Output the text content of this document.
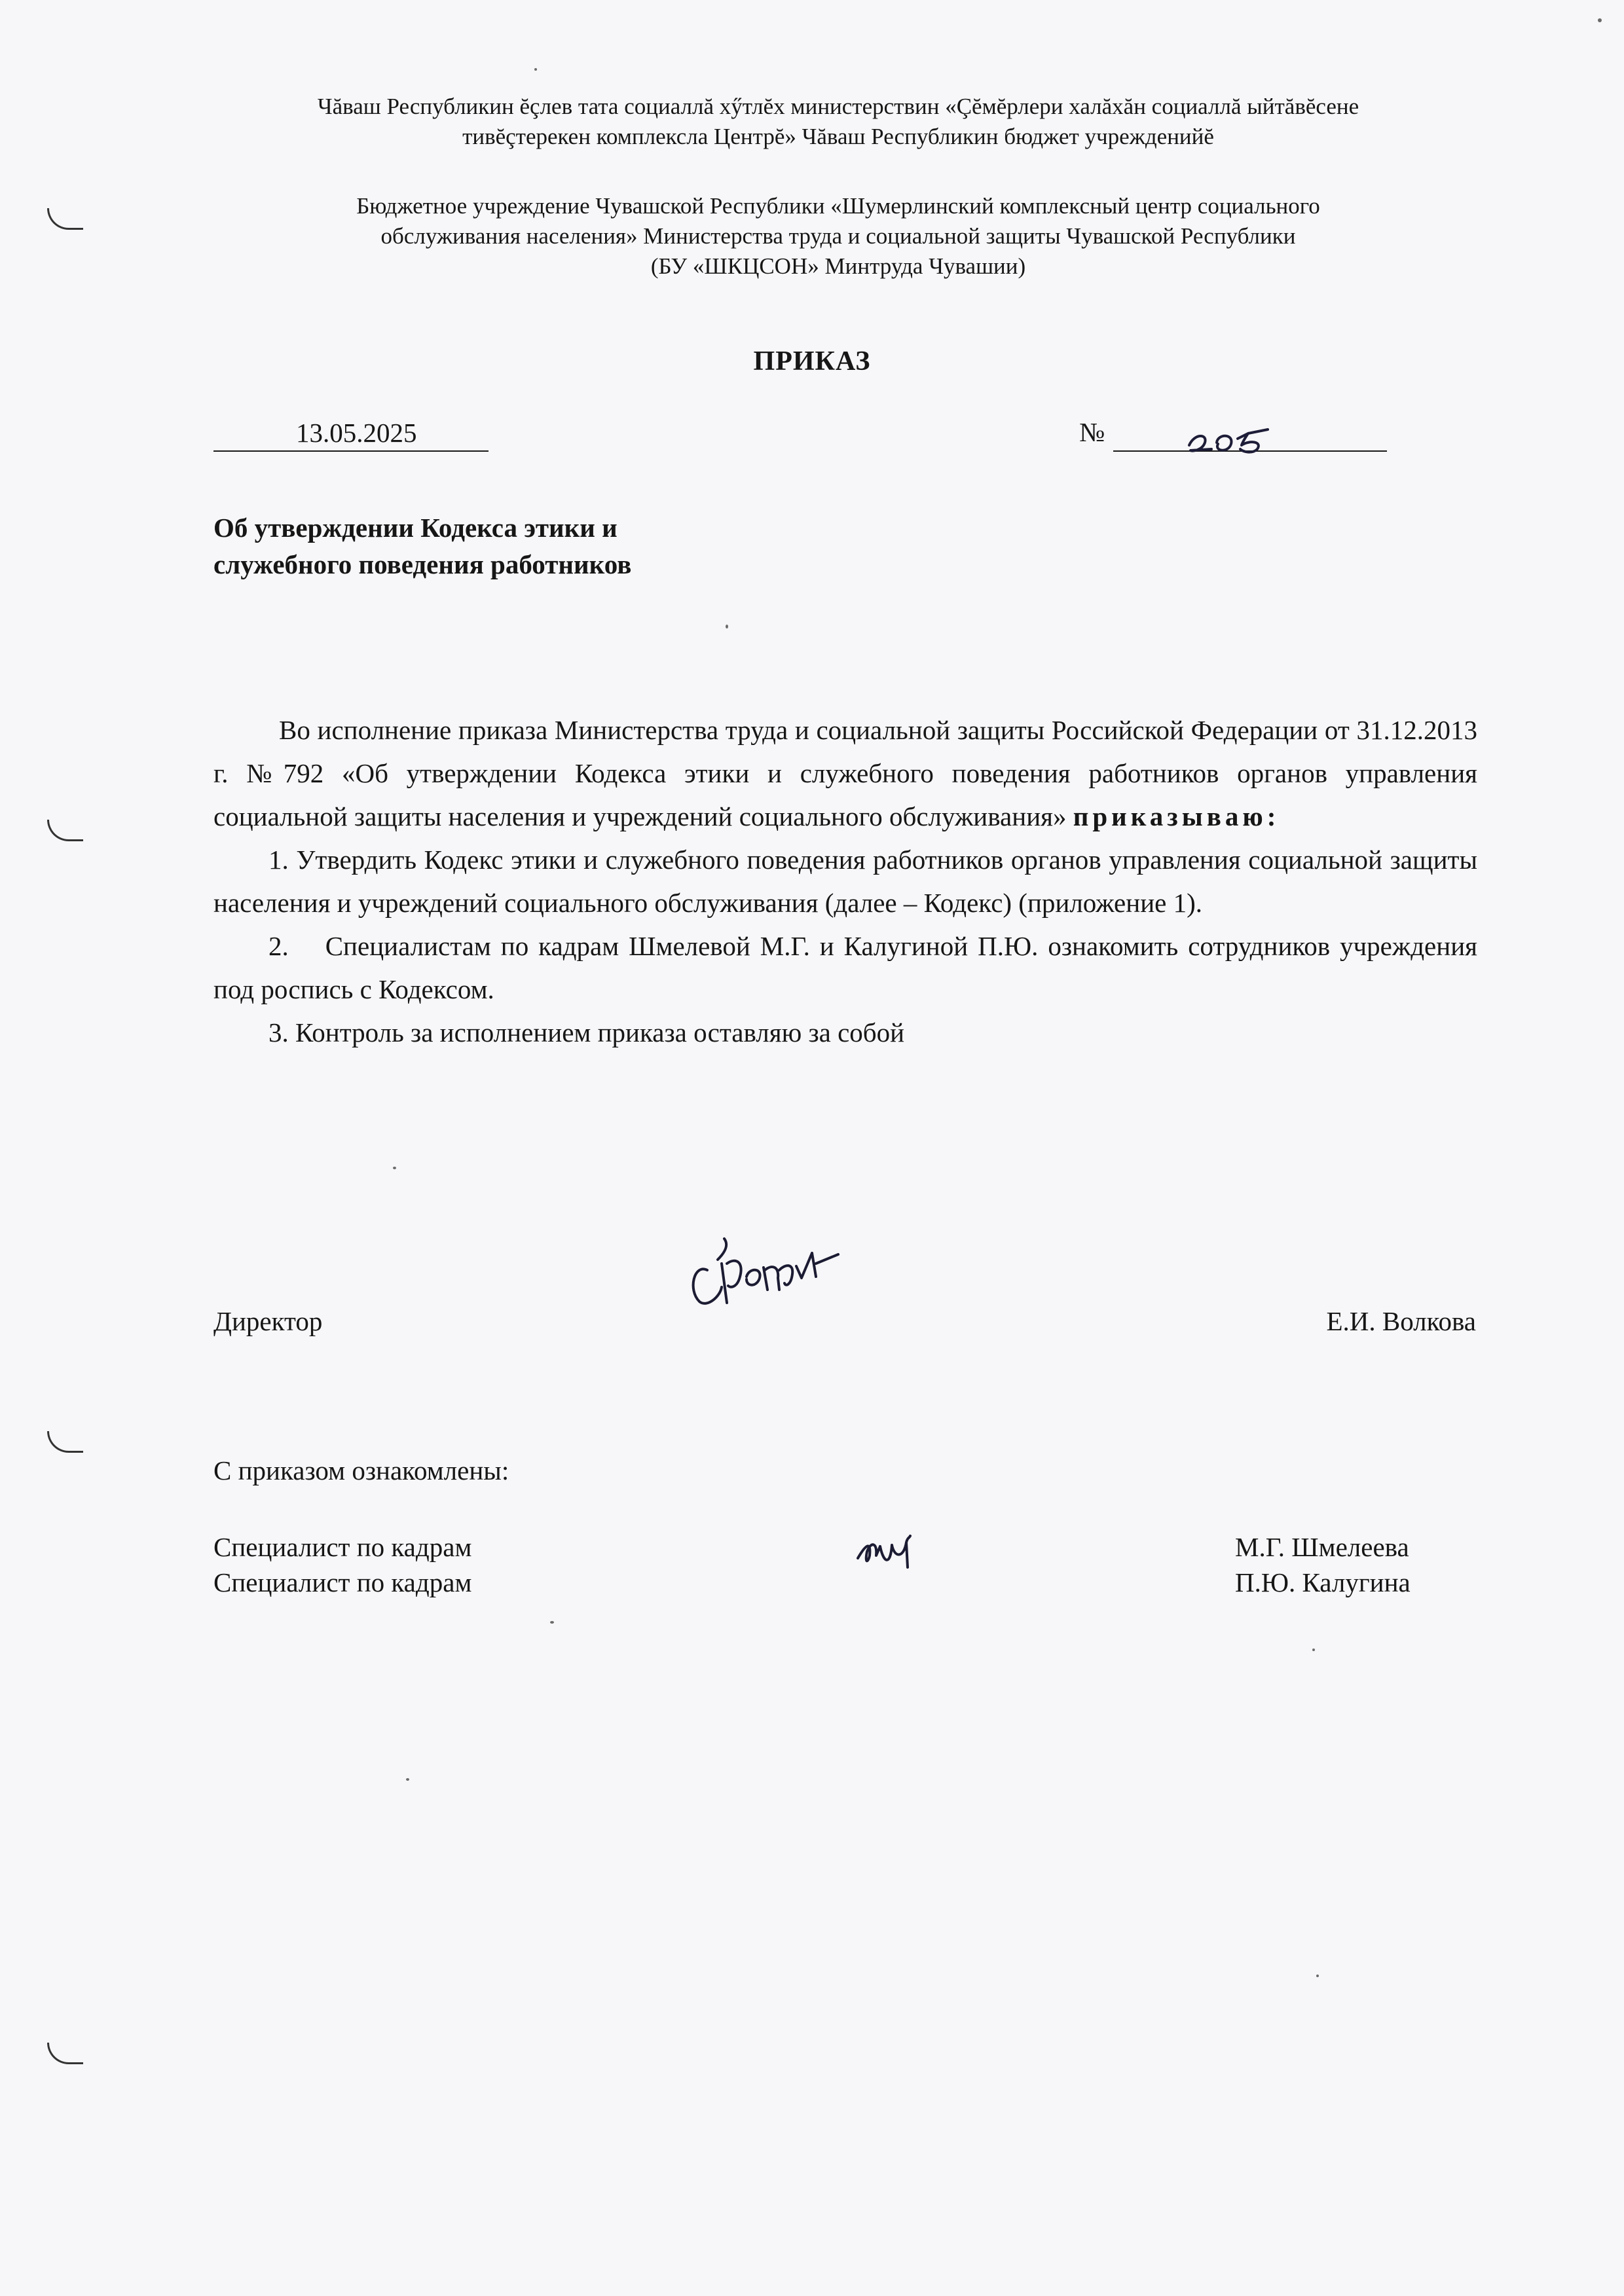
Чăваш Республикин ĕçлев тата социаллă хӳтлĕх министерствин «Çĕмĕрлери халăхăн социаллă ыйтăвĕсене
тивĕçтерекен комплексла Центрĕ» Чăваш Республикин бюджет учрежденийĕ
Бюджетное учреждение Чувашской Республики «Шумерлинский комплексный центр социального
обслуживания населения» Министерства труда и социальной защиты Чувашской Республики
(БУ «ШКЦСОН» Минтруда Чувашии)
ПРИКАЗ
13.05.2025	№
Об утверждении Кодекса этики и
служебного поведения работников

Во исполнение приказа Министерства труда и социальной защиты Российской Федерации от 31.12.2013 г. №792 «Об утверждении Кодекса этики и служебного поведения работников органов управления социальной защиты населения и учреждений социального обслуживания» приказываю:

1. Утвердить Кодекс этики и служебного поведения работников органов управления социальной защиты населения и учреждений социального обслуживания (далее – Кодекс) (приложение 1).

2.  Специалистам по кадрам Шмелевой М.Г. и Калугиной П.Ю. ознакомить сотрудников учреждения под роспись с Кодексом.

3. Контроль за исполнением приказа оставляю за собой

Директор	Е.И. Волкова
С приказом ознакомлены:
Специалист по кадрам
Специалист по кадрам
М.Г. Шмелеева
П.Ю. Калугина
